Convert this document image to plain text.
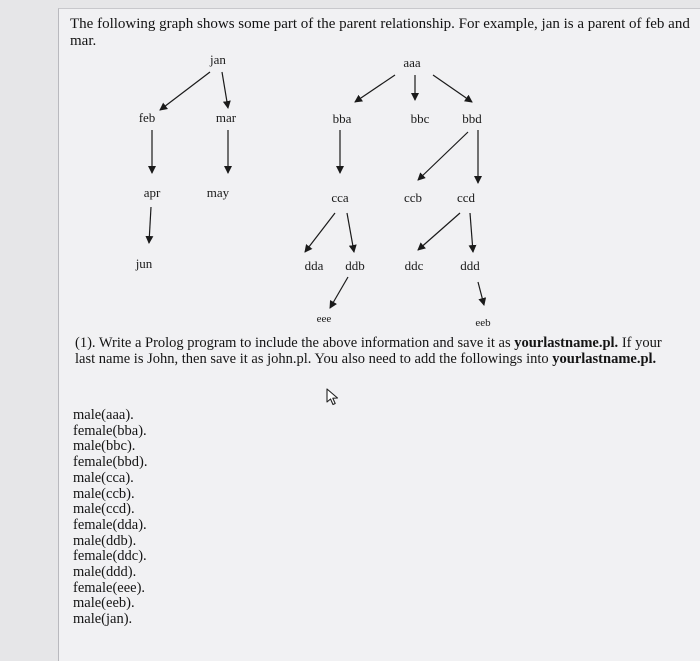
The following graph shows some part of the parent relationship. For example, jan is a parent of feb and mar.

jan
feb	mar
apr	may
jun
aaa
bba	bbc	bbd
cca	ccb	ccd
dda ddb	ddc	ddd
eee	eeb

(1). Write a Prolog program to include the above information and save it as yourlastname.pl. If your last name is John, then save it as john.pl. You also need to add the followings into yourlastname.pl.

male(aaa).
female(bba).
male(bbc).
female(bbd).
male(cca).
male(ccb).
male(ccd).
female(dda).
male(ddb).
female(ddc).
male(ddd).
female(eee).
male(eeb).
male(jan).
